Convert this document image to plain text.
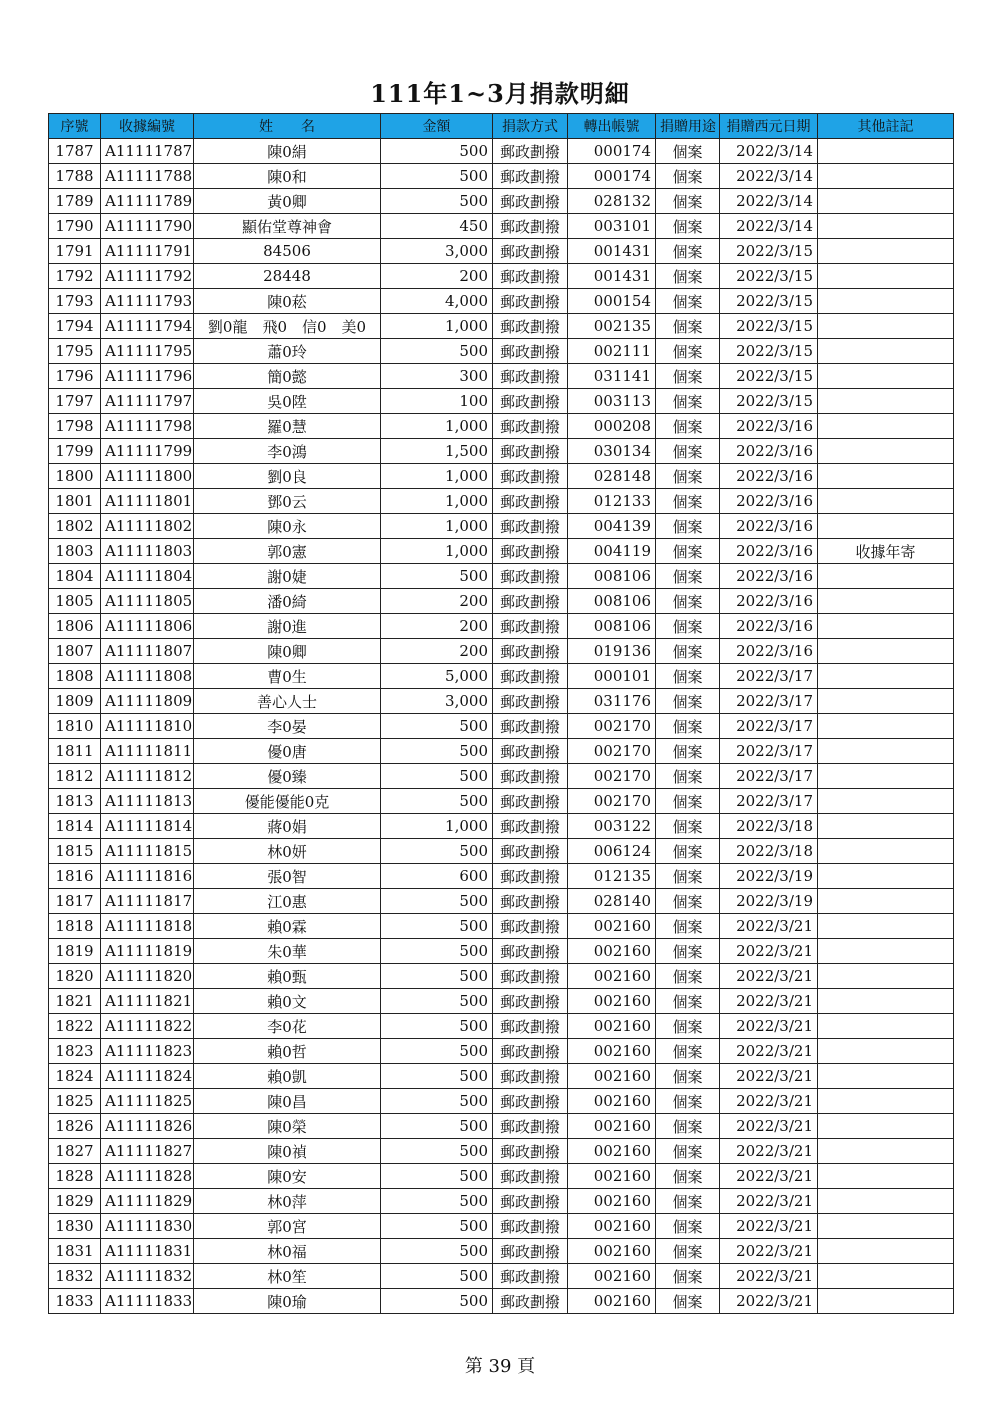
111年1~3月捐款明細
序號	收據編號	姓　　名	金額	捐款方式	轉出帳號	捐贈用途	捐贈西元日期	其他註記
1787	A11111787	陳0絹	500	郵政劃撥	000174	個案	2022/3/14	
1788	A11111788	陳0和	500	郵政劃撥	000174	個案	2022/3/14	
1789	A11111789	黃0卿	500	郵政劃撥	028132	個案	2022/3/14	
1790	A11111790	顯佑堂尊神會	450	郵政劃撥	003101	個案	2022/3/14	
1791	A11111791	84506	3,000	郵政劃撥	001431	個案	2022/3/15	
1792	A11111792	28448	200	郵政劃撥	001431	個案	2022/3/15	
1793	A11111793	陳0菘	4,000	郵政劃撥	000154	個案	2022/3/15	
1794	A11111794	劉0龍　飛0　信0　美0	1,000	郵政劃撥	002135	個案	2022/3/15	
1795	A11111795	蕭0玲	500	郵政劃撥	002111	個案	2022/3/15	
1796	A11111796	簡0懿	300	郵政劃撥	031141	個案	2022/3/15	
1797	A11111797	吳0陞	100	郵政劃撥	003113	個案	2022/3/15	
1798	A11111798	羅0慧	1,000	郵政劃撥	000208	個案	2022/3/16	
1799	A11111799	李0鴻	1,500	郵政劃撥	030134	個案	2022/3/16	
1800	A11111800	劉0良	1,000	郵政劃撥	028148	個案	2022/3/16	
1801	A11111801	鄧0云	1,000	郵政劃撥	012133	個案	2022/3/16	
1802	A11111802	陳0永	1,000	郵政劃撥	004139	個案	2022/3/16	
1803	A11111803	郭0憲	1,000	郵政劃撥	004119	個案	2022/3/16	收據年寄
1804	A11111804	謝0婕	500	郵政劃撥	008106	個案	2022/3/16	
1805	A11111805	潘0綺	200	郵政劃撥	008106	個案	2022/3/16	
1806	A11111806	謝0進	200	郵政劃撥	008106	個案	2022/3/16	
1807	A11111807	陳0卿	200	郵政劃撥	019136	個案	2022/3/16	
1808	A11111808	曹0生	5,000	郵政劃撥	000101	個案	2022/3/17	
1809	A11111809	善心人士	3,000	郵政劃撥	031176	個案	2022/3/17	
1810	A11111810	李0晏	500	郵政劃撥	002170	個案	2022/3/17	
1811	A11111811	優0唐	500	郵政劃撥	002170	個案	2022/3/17	
1812	A11111812	優0臻	500	郵政劃撥	002170	個案	2022/3/17	
1813	A11111813	優能優能0克	500	郵政劃撥	002170	個案	2022/3/17	
1814	A11111814	蔣0娟	1,000	郵政劃撥	003122	個案	2022/3/18	
1815	A11111815	林0妍	500	郵政劃撥	006124	個案	2022/3/18	
1816	A11111816	張0智	600	郵政劃撥	012135	個案	2022/3/19	
1817	A11111817	江0惠	500	郵政劃撥	028140	個案	2022/3/19	
1818	A11111818	賴0霖	500	郵政劃撥	002160	個案	2022/3/21	
1819	A11111819	朱0華	500	郵政劃撥	002160	個案	2022/3/21	
1820	A11111820	賴0甄	500	郵政劃撥	002160	個案	2022/3/21	
1821	A11111821	賴0文	500	郵政劃撥	002160	個案	2022/3/21	
1822	A11111822	李0花	500	郵政劃撥	002160	個案	2022/3/21	
1823	A11111823	賴0哲	500	郵政劃撥	002160	個案	2022/3/21	
1824	A11111824	賴0凱	500	郵政劃撥	002160	個案	2022/3/21	
1825	A11111825	陳0昌	500	郵政劃撥	002160	個案	2022/3/21	
1826	A11111826	陳0榮	500	郵政劃撥	002160	個案	2022/3/21	
1827	A11111827	陳0禎	500	郵政劃撥	002160	個案	2022/3/21	
1828	A11111828	陳0安	500	郵政劃撥	002160	個案	2022/3/21	
1829	A11111829	林0萍	500	郵政劃撥	002160	個案	2022/3/21	
1830	A11111830	郭0宮	500	郵政劃撥	002160	個案	2022/3/21	
1831	A11111831	林0福	500	郵政劃撥	002160	個案	2022/3/21	
1832	A11111832	林0笙	500	郵政劃撥	002160	個案	2022/3/21	
1833	A11111833	陳0瑜	500	郵政劃撥	002160	個案	2022/3/21	
第 39 頁
